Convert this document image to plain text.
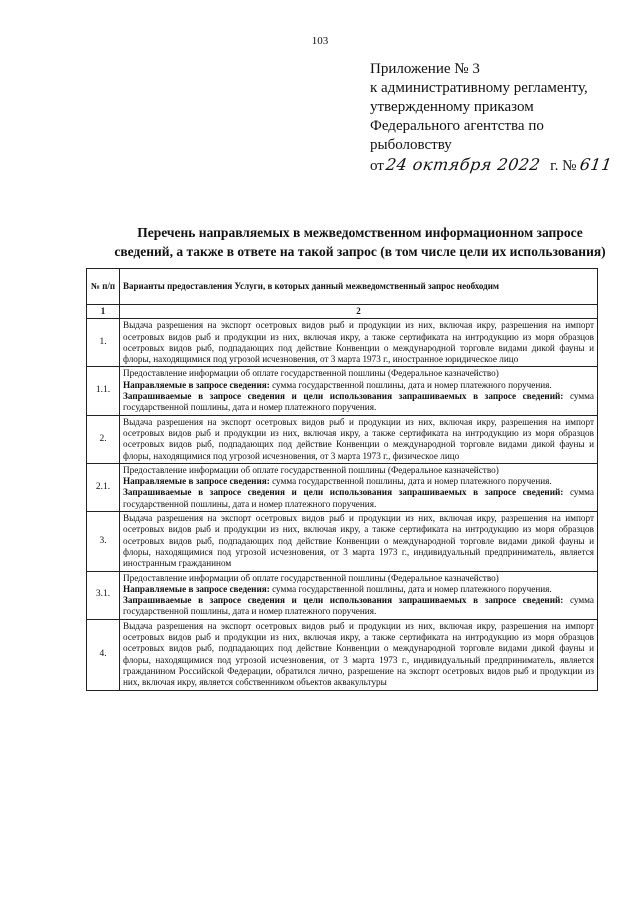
103
Приложение № 3
к административному регламенту,
утвержденному приказом
Федерального агентства по
рыболовству
от 24 октября 2022 г. № 611
Перечень направляемых в межведомственном информационном запросе
сведений, а также в ответе на такой запрос (в том числе цели их использования)
№ п/п	Варианты предоставления Услуги, в которых данный межведомственный запрос необходим
1	2
1.	Выдача разрешения на экспорт осетровых видов рыб и продукции из них, включая икру, разрешения на импорт осетровых видов рыб и продукции из них, включая икру, а также сертификата на интродукцию из моря образцов осетровых видов рыб, подпадающих под действие Конвенции о международной торговле видами дикой фауны и флоры, находящимися под угрозой исчезновения, от 3 марта 1973 г., иностранное юридическое лицо
1.1.	Предоставление информации об оплате государственной пошлины (Федеральное казначейство)
Направляемые в запросе сведения: сумма государственной пошлины, дата и номер платежного поручения.
Запрашиваемые в запросе сведения и цели использования запрашиваемых в запросе сведений: сумма государственной пошлины, дата и номер платежного поручения.

2.	Выдача разрешения на экспорт осетровых видов рыб и продукции из них, включая икру, разрешения на импорт осетровых видов рыб и продукции из них, включая икру, а также сертификата на интродукцию из моря образцов осетровых видов рыб, подпадающих под действие Конвенции о международной торговле видами дикой фауны и флоры, находящимися под угрозой исчезновения, от 3 марта 1973 г., физическое лицо
2.1.	Предоставление информации об оплате государственной пошлины (Федеральное казначейство)
Направляемые в запросе сведения: сумма государственной пошлины, дата и номер платежного поручения.
Запрашиваемые в запросе сведения и цели использования запрашиваемых в запросе сведений: сумма государственной пошлины, дата и номер платежного поручения.

3.	Выдача разрешения на экспорт осетровых видов рыб и продукции из них, включая икру, разрешения на импорт осетровых видов рыб и продукции из них, включая икру, а также сертификата на интродукцию из моря образцов осетровых видов рыб, подпадающих под действие Конвенции о международной торговле видами дикой фауны и флоры, находящимися под угрозой исчезновения, от 3 марта 1973 г., индивидуальный предприниматель, является иностранным гражданином
3.1.	Предоставление информации об оплате государственной пошлины (Федеральное казначейство)
Направляемые в запросе сведения: сумма государственной пошлины, дата и номер платежного поручения.
Запрашиваемые в запросе сведения и цели использования запрашиваемых в запросе сведений: сумма государственной пошлины, дата и номер платежного поручения.

4.	Выдача разрешения на экспорт осетровых видов рыб и продукции из них, включая икру, разрешения на импорт осетровых видов рыб и продукции из них, включая икру, а также сертификата на интродукцию из моря образцов осетровых видов рыб, подпадающих под действие Конвенции о международной торговле видами дикой фауны и флоры, находящимися под угрозой исчезновения, от 3 марта 1973 г., индивидуальный предприниматель, является гражданином Российской Федерации, обратился лично, разрешение на экспорт осетровых видов рыб и продукции из них, включая икру, является собственником объектов аквакультуры
